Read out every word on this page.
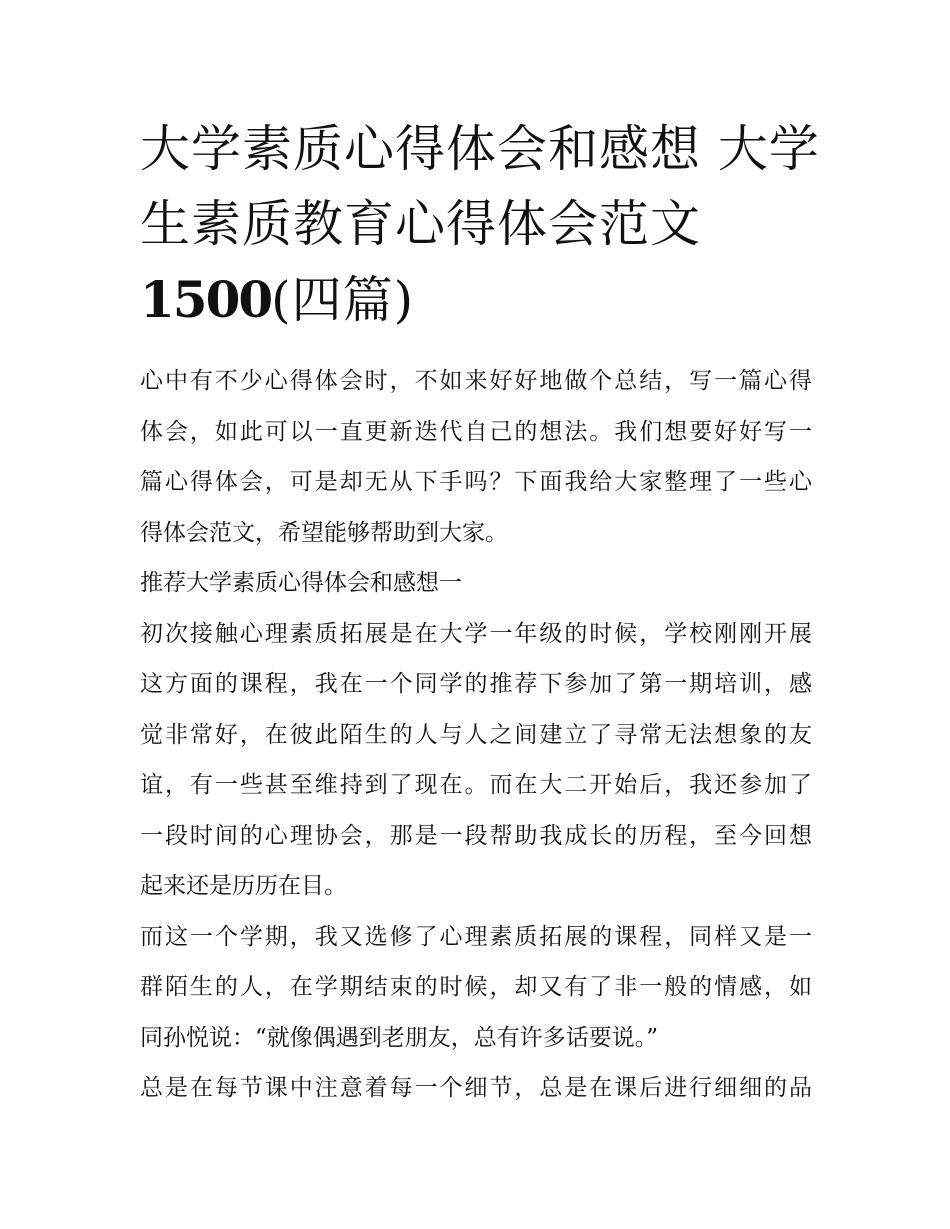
大学素质心得体会和感想 大学
生素质教育心得体会范文
1500(四篇)
心中有不少心得体会时，不如来好好地做个总结，写一篇心得
体会，如此可以一直更新迭代自己的想法。我们想要好好写一
篇心得体会，可是却无从下手吗？下面我给大家整理了一些心
得体会范文，希望能够帮助到大家。
推荐大学素质心得体会和感想一
初次接触心理素质拓展是在大学一年级的时候，学校刚刚开展
这方面的课程，我在一个同学的推荐下参加了第一期培训，感
觉非常好，在彼此陌生的人与人之间建立了寻常无法想象的友
谊，有一些甚至维持到了现在。而在大二开始后，我还参加了
一段时间的心理协会，那是一段帮助我成长的历程，至今回想
起来还是历历在目。
而这一个学期，我又选修了心理素质拓展的课程，同样又是一
群陌生的人，在学期结束的时候，却又有了非一般的情感，如
同孙悦说：“就像偶遇到老朋友，总有许多话要说。”
总是在每节课中注意着每一个细节，总是在课后进行细细的品
